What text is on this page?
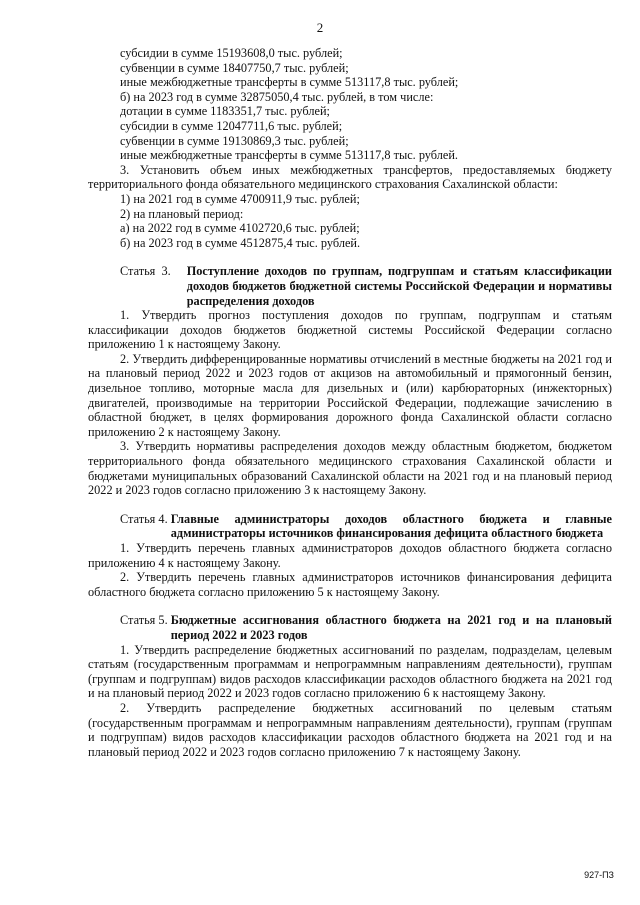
2

субсидии в сумме 15193608,0 тыс. рублей;

субвенции в сумме 18407750,7 тыс. рублей;

иные межбюджетные трансферты в сумме 513117,8 тыс. рублей;

б) на 2023 год в сумме 32875050,4 тыс. рублей, в том числе:

дотации в сумме 1183351,7 тыс. рублей;

субсидии в сумме 12047711,6 тыс. рублей;

субвенции в сумме 19130869,3 тыс. рублей;

иные межбюджетные трансферты в сумме 513117,8 тыс. рублей.

3. Установить объем иных межбюджетных трансфертов, предоставляемых бюджету территориального фонда обязательного медицинского страхования Сахалинской области:

1) на 2021 год в сумме 4700911,9 тыс. рублей;

2) на плановый период:

а) на 2022 год в сумме 4102720,6 тыс. рублей;

б) на 2023 год в сумме 4512875,4 тыс. рублей.

Статья  3.	Поступление доходов по группам, подгруппам и статьям классификации доходов бюджетов бюджетной системы Российской Федерации и нормативы распределения доходов

1. Утвердить прогноз поступления доходов по группам, подгруппам и статьям классификации доходов бюджетов бюджетной системы Российской Федерации согласно приложению 1 к настоящему Закону.

2. Утвердить дифференцированные нормативы отчислений в местные бюджеты на 2021 год и на плановый период 2022 и 2023 годов от акцизов на автомобильный и прямогонный бензин, дизельное топливо, моторные масла для дизельных и (или) карбюраторных (инжекторных) двигателей, производимые на территории Российской Федерации, подлежащие зачислению в областной бюджет, в целях формирования дорожного фонда Сахалинской области согласно приложению 2 к настоящему Закону.

3. Утвердить нормативы распределения доходов между областным бюджетом, бюджетом территориального фонда обязательного медицинского страхования Сахалинской области и бюджетами муниципальных образований Сахалинской области на 2021 год и на плановый период 2022 и 2023 годов согласно приложению 3 к настоящему Закону.

Статья 4. Главные администраторы доходов областного бюджета и главные администраторы источников финансирования дефицита областного бюджета

1. Утвердить перечень главных администраторов доходов областного бюджета согласно приложению 4 к настоящему Закону.

2. Утвердить перечень главных администраторов источников финансирования дефицита областного бюджета согласно приложению 5 к настоящему Закону.

Статья 5. Бюджетные ассигнования областного бюджета на 2021 год и на плановый период 2022 и 2023 годов

1. Утвердить распределение бюджетных ассигнований по разделам, подразделам, целевым статьям (государственным программам и непрограммным направлениям деятельности), группам (группам и подгруппам) видов расходов классификации расходов областного бюджета на 2021 год и на плановый период 2022 и 2023 годов согласно приложению 6 к настоящему Закону.

2. Утвердить распределение бюджетных ассигнований по целевым статьям (государственным программам и непрограммным направлениям деятельности), группам (группам и подгруппам) видов расходов классификации расходов областного бюджета на 2021 год и на плановый период 2022 и 2023 годов согласно приложению 7 к настоящему Закону.

927-ПЗ
